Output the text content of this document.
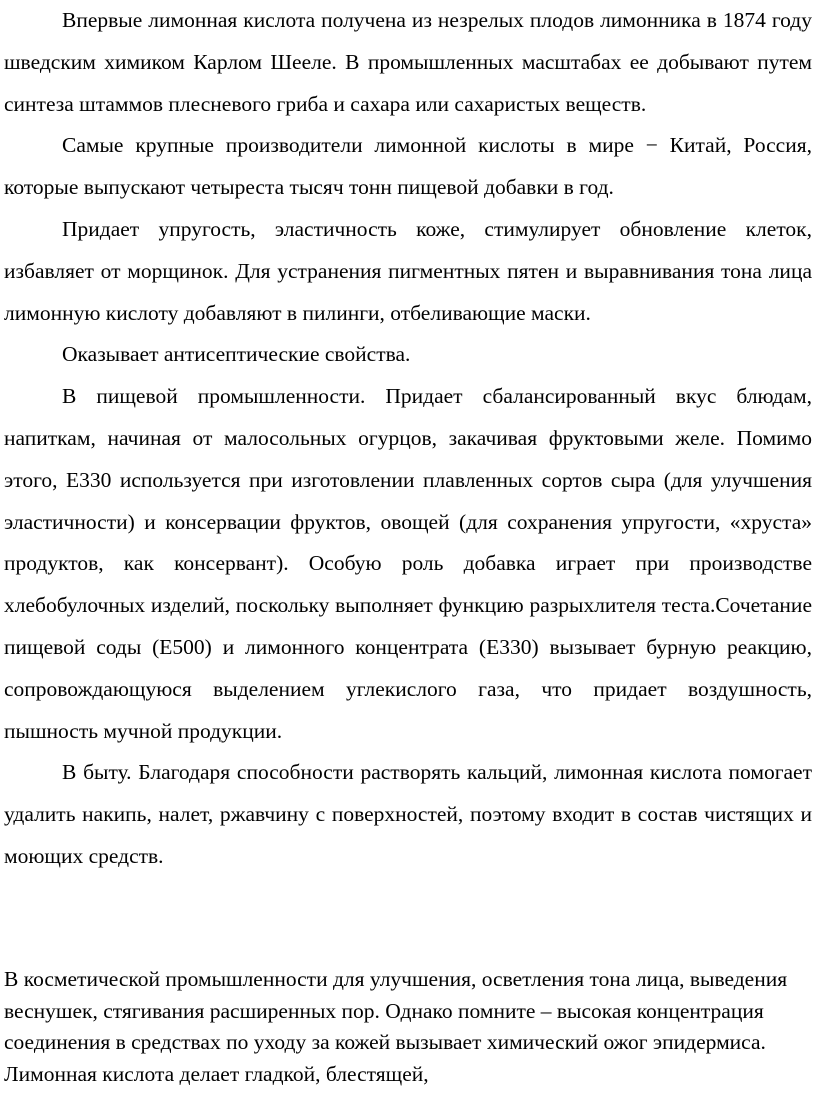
Впервые лимонная кислота получена из незрелых плодов лимонника в 1874 году шведским химиком Карлом Шееле. В промышленных масштабах ее добывают путем синтеза штаммов плесневого гриба и сахара или сахаристых веществ.

Самые крупные производители лимонной кислоты в мире − Китай, Россия, которые выпускают четыреста тысяч тонн пищевой добавки в год.

Придает упругость, эластичность коже, стимулирует обновление клеток, избавляет от морщинок. Для устранения пигментных пятен и выравнивания тона лица лимонную кислоту добавляют в пилинги, отбеливающие маски.

Оказывает антисептические свойства.

В пищевой промышленности. Придает сбалансированный вкус блюдам, напиткам, начиная от малосольных огурцов, закачивая фруктовыми желе. Помимо этого, Е330 используется при изготовлении плавленных сортов сыра (для улучшения эластичности) и консервации фруктов, овощей (для сохранения упругости, «хруста» продуктов, как консервант). Особую роль добавка играет при производстве хлебобулочных изделий, поскольку выполняет функцию разрыхлителя теста.Сочетание пищевой соды (Е500) и лимонного концентрата (Е330) вызывает бурную реакцию, сопровождающуюся выделением углекислого газа, что придает воздушность, пышность мучной продукции.

В быту. Благодаря способности растворять кальций, лимонная кислота помогает удалить накипь, налет, ржавчину с поверхностей, поэтому входит в состав чистящих и моющих средств.

В косметической промышленности для улучшения, осветления тона лица, выведения веснушек, стягивания расширенных пор. Однако помните – высокая концентрация соединения в средствах по уходу за кожей вызывает химический ожог эпидермиса. Лимонная кислота делает гладкой, блестящей,
